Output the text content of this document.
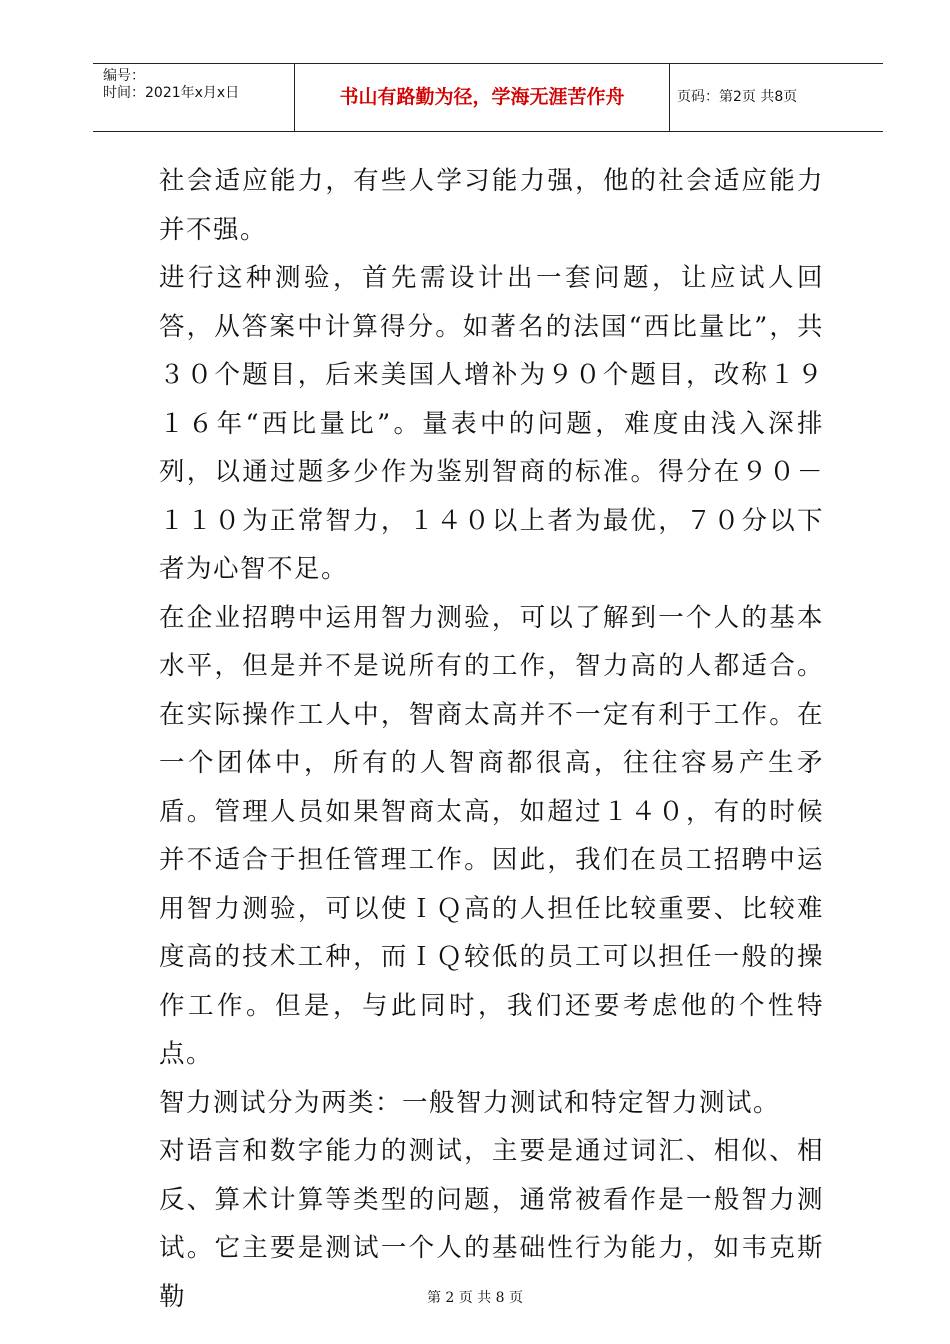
编号：
时间：2021年x月x日	书山有路勤为径，学海无涯苦作舟	页码：第2页 共8页

社会适应能力，有些人学习能力强，他的社会适应能力并不强。

进行这种测验，首先需设计出一套问题，让应试人回答，从答案中计算得分。如著名的法国“西比量比”，共３０个题目，后来美国人增补为９０个题目，改称１９１６年“西比量比”。量表中的问题，难度由浅入深排列，以通过题多少作为鉴别智商的标准。得分在９０－１１０为正常智力，１４０以上者为最优，７０分以下者为心智不足。

在企业招聘中运用智力测验，可以了解到一个人的基本水平，但是并不是说所有的工作，智力高的人都适合。在实际操作工人中，智商太高并不一定有利于工作。在一个团体中，所有的人智商都很高，往往容易产生矛盾。管理人员如果智商太高，如超过１４０，有的时候并不适合于担任管理工作。因此，我们在员工招聘中运用智力测验，可以使ＩＱ高的人担任比较重要、比较难度高的技术工种，而ＩＱ较低的员工可以担任一般的操作工作。但是，与此同时，我们还要考虑他的个性特点。

智力测试分为两类：一般智力测试和特定智力测试。

对语言和数字能力的测试，主要是通过词汇、相似、相反、算术计算等类型的问题，通常被看作是一般智力测试。它主要是测试一个人的基础性行为能力，如韦克斯勒	第 2 页 共 8 页
